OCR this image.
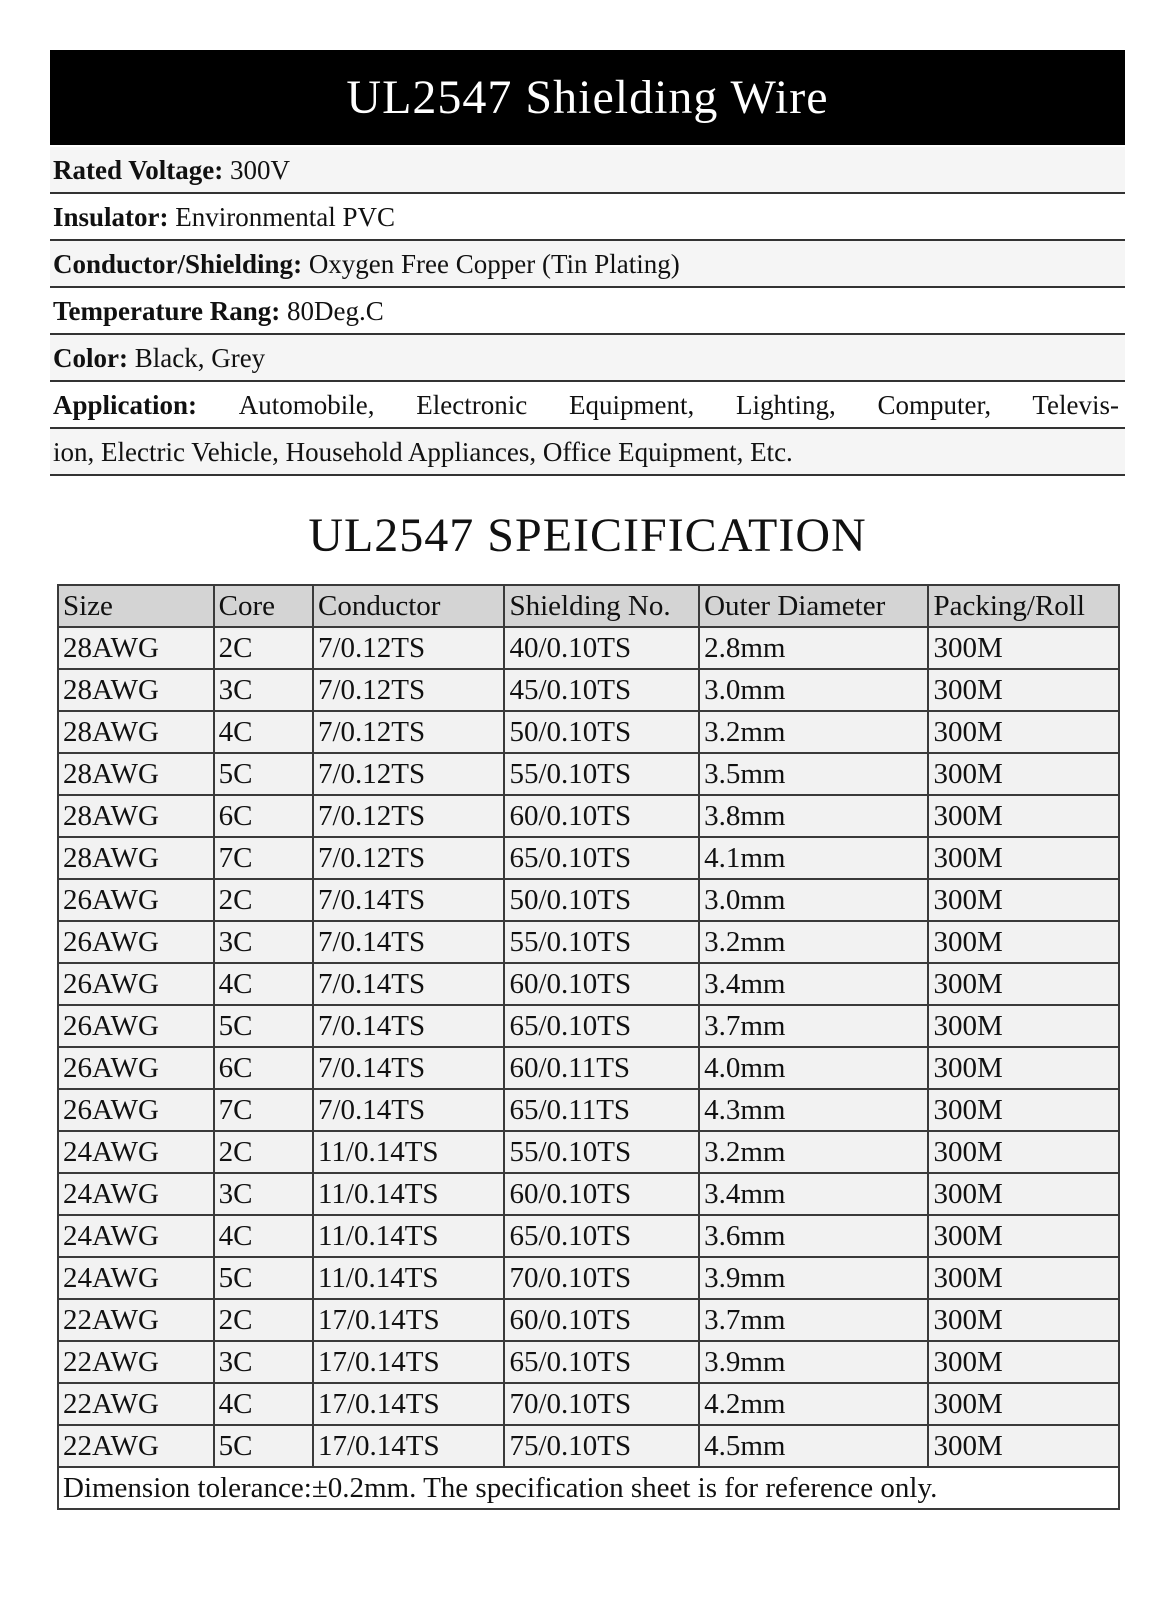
UL2547 Shielding Wire
Rated Voltage: 300V
Insulator: Environmental PVC
Conductor/Shielding: Oxygen Free Copper (Tin Plating)
Temperature Rang: 80Deg.C
Color: Black, Grey
Application: Automobile, Electronic Equipment, Lighting, Computer, Televis-
ion, Electric Vehicle, Household Appliances, Office Equipment, Etc.
UL2547 SPEICIFICATION
Size	Core	Conductor	Shielding No.	Outer Diameter	Packing/Roll
28AWG	2C	7/0.12TS	40/0.10TS	2.8mm	300M
28AWG	3C	7/0.12TS	45/0.10TS	3.0mm	300M
28AWG	4C	7/0.12TS	50/0.10TS	3.2mm	300M
28AWG	5C	7/0.12TS	55/0.10TS	3.5mm	300M
28AWG	6C	7/0.12TS	60/0.10TS	3.8mm	300M
28AWG	7C	7/0.12TS	65/0.10TS	4.1mm	300M
26AWG	2C	7/0.14TS	50/0.10TS	3.0mm	300M
26AWG	3C	7/0.14TS	55/0.10TS	3.2mm	300M
26AWG	4C	7/0.14TS	60/0.10TS	3.4mm	300M
26AWG	5C	7/0.14TS	65/0.10TS	3.7mm	300M
26AWG	6C	7/0.14TS	60/0.11TS	4.0mm	300M
26AWG	7C	7/0.14TS	65/0.11TS	4.3mm	300M
24AWG	2C	11/0.14TS	55/0.10TS	3.2mm	300M
24AWG	3C	11/0.14TS	60/0.10TS	3.4mm	300M
24AWG	4C	11/0.14TS	65/0.10TS	3.6mm	300M
24AWG	5C	11/0.14TS	70/0.10TS	3.9mm	300M
22AWG	2C	17/0.14TS	60/0.10TS	3.7mm	300M
22AWG	3C	17/0.14TS	65/0.10TS	3.9mm	300M
22AWG	4C	17/0.14TS	70/0.10TS	4.2mm	300M
22AWG	5C	17/0.14TS	75/0.10TS	4.5mm	300M
Dimension tolerance:±0.2mm. The specification sheet is for reference only.					
